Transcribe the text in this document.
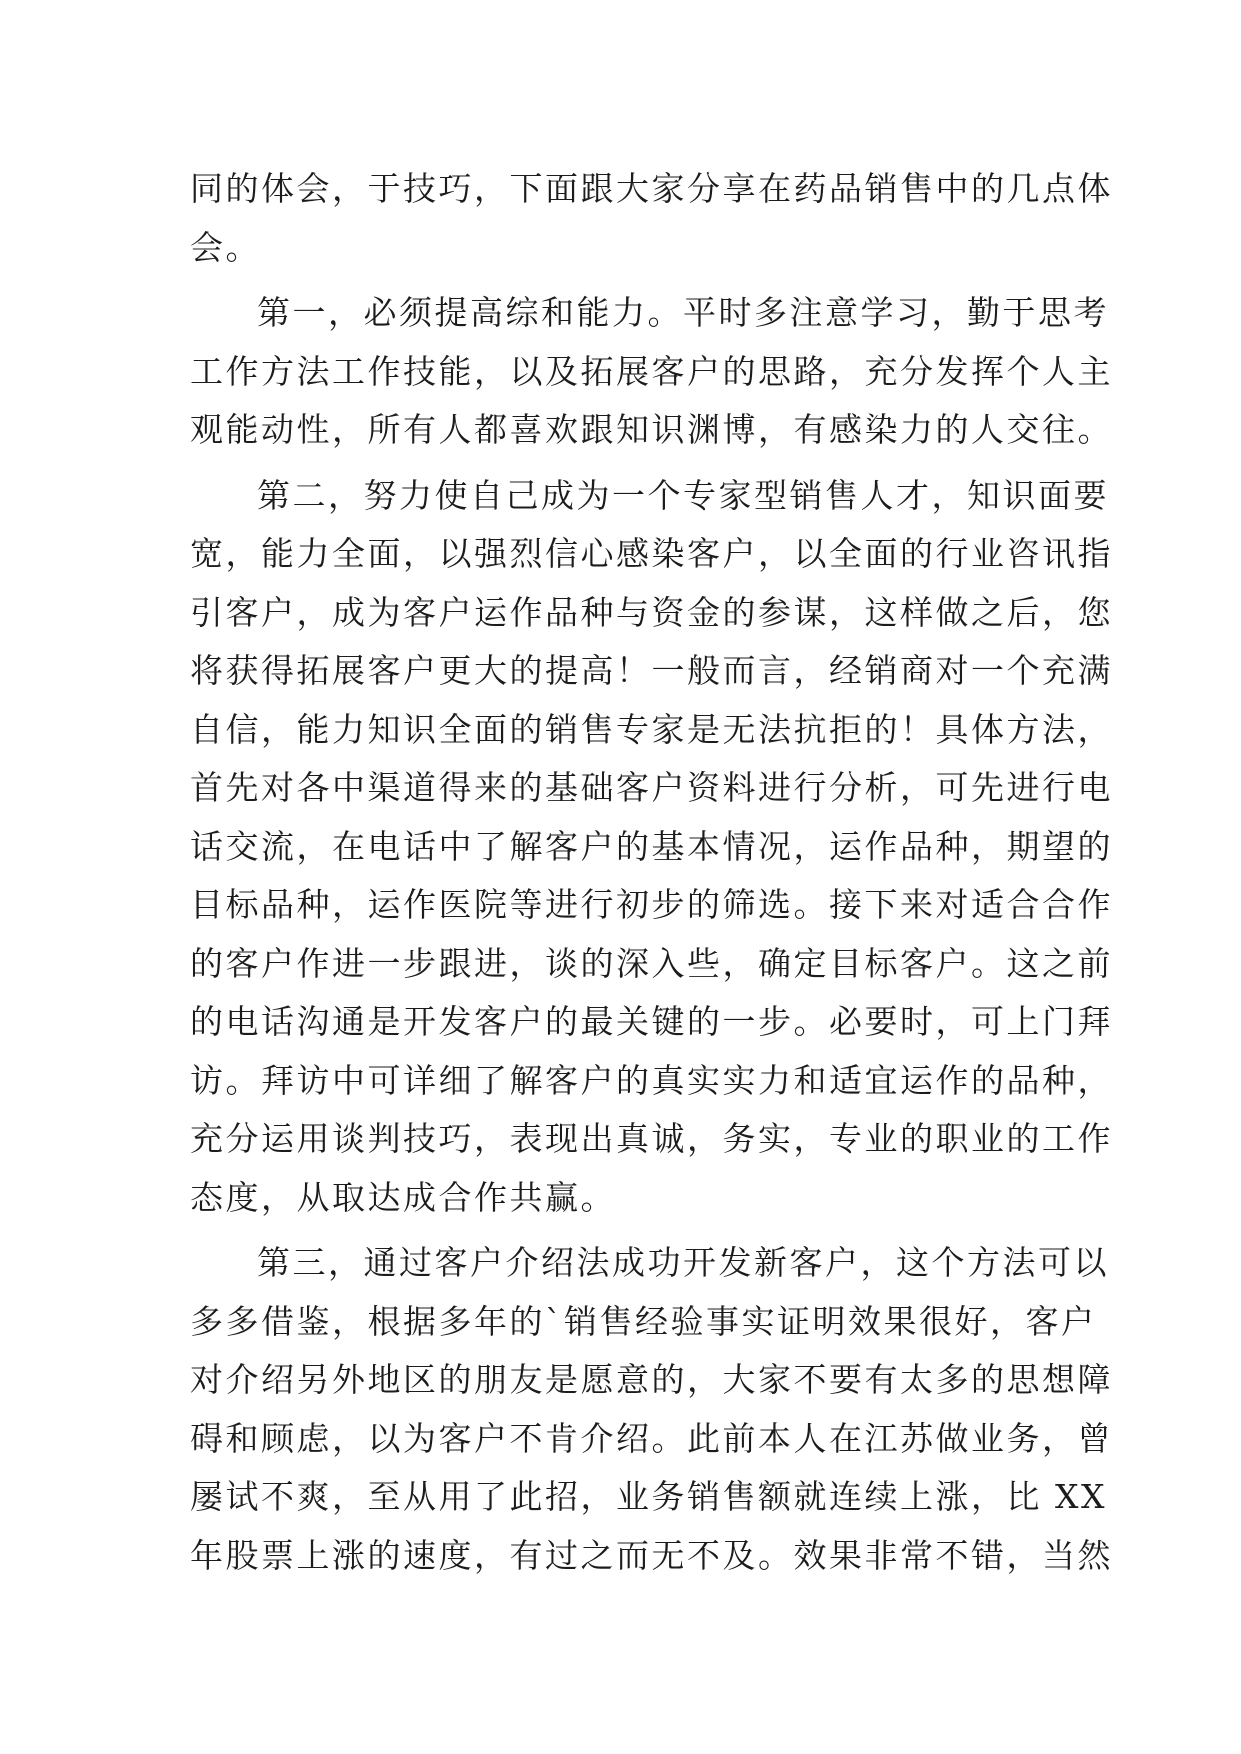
同的体会，于技巧，下面跟大家分享在药品销售中的几点体
会。
第一，必须提高综和能力。平时多注意学习，勤于思考
工作方法工作技能，以及拓展客户的思路，充分发挥个人主
观能动性，所有人都喜欢跟知识渊博，有感染力的人交往。
第二，努力使自己成为一个专家型销售人才，知识面要
宽，能力全面，以强烈信心感染客户，以全面的行业咨讯指
引客户，成为客户运作品种与资金的参谋，这样做之后，您
将获得拓展客户更大的提高！一般而言，经销商对一个充满
自信，能力知识全面的销售专家是无法抗拒的！具体方法，
首先对各中渠道得来的基础客户资料进行分析，可先进行电
话交流，在电话中了解客户的基本情况，运作品种，期望的
目标品种，运作医院等进行初步的筛选。接下来对适合合作
的客户作进一步跟进，谈的深入些，确定目标客户。这之前
的电话沟通是开发客户的最关键的一步。必要时，可上门拜
访。拜访中可详细了解客户的真实实力和适宜运作的品种，
充分运用谈判技巧，表现出真诚，务实，专业的职业的工作
态度，从取达成合作共赢。
第三，通过客户介绍法成功开发新客户，这个方法可以
多多借鉴，根据多年的`销售经验事实证明效果很好，客户
对介绍另外地区的朋友是愿意的，大家不要有太多的思想障
碍和顾虑，以为客户不肯介绍。此前本人在江苏做业务，曾
屡试不爽，至从用了此招，业务销售额就连续上涨，比 XX
年股票上涨的速度，有过之而无不及。效果非常不错，当然
